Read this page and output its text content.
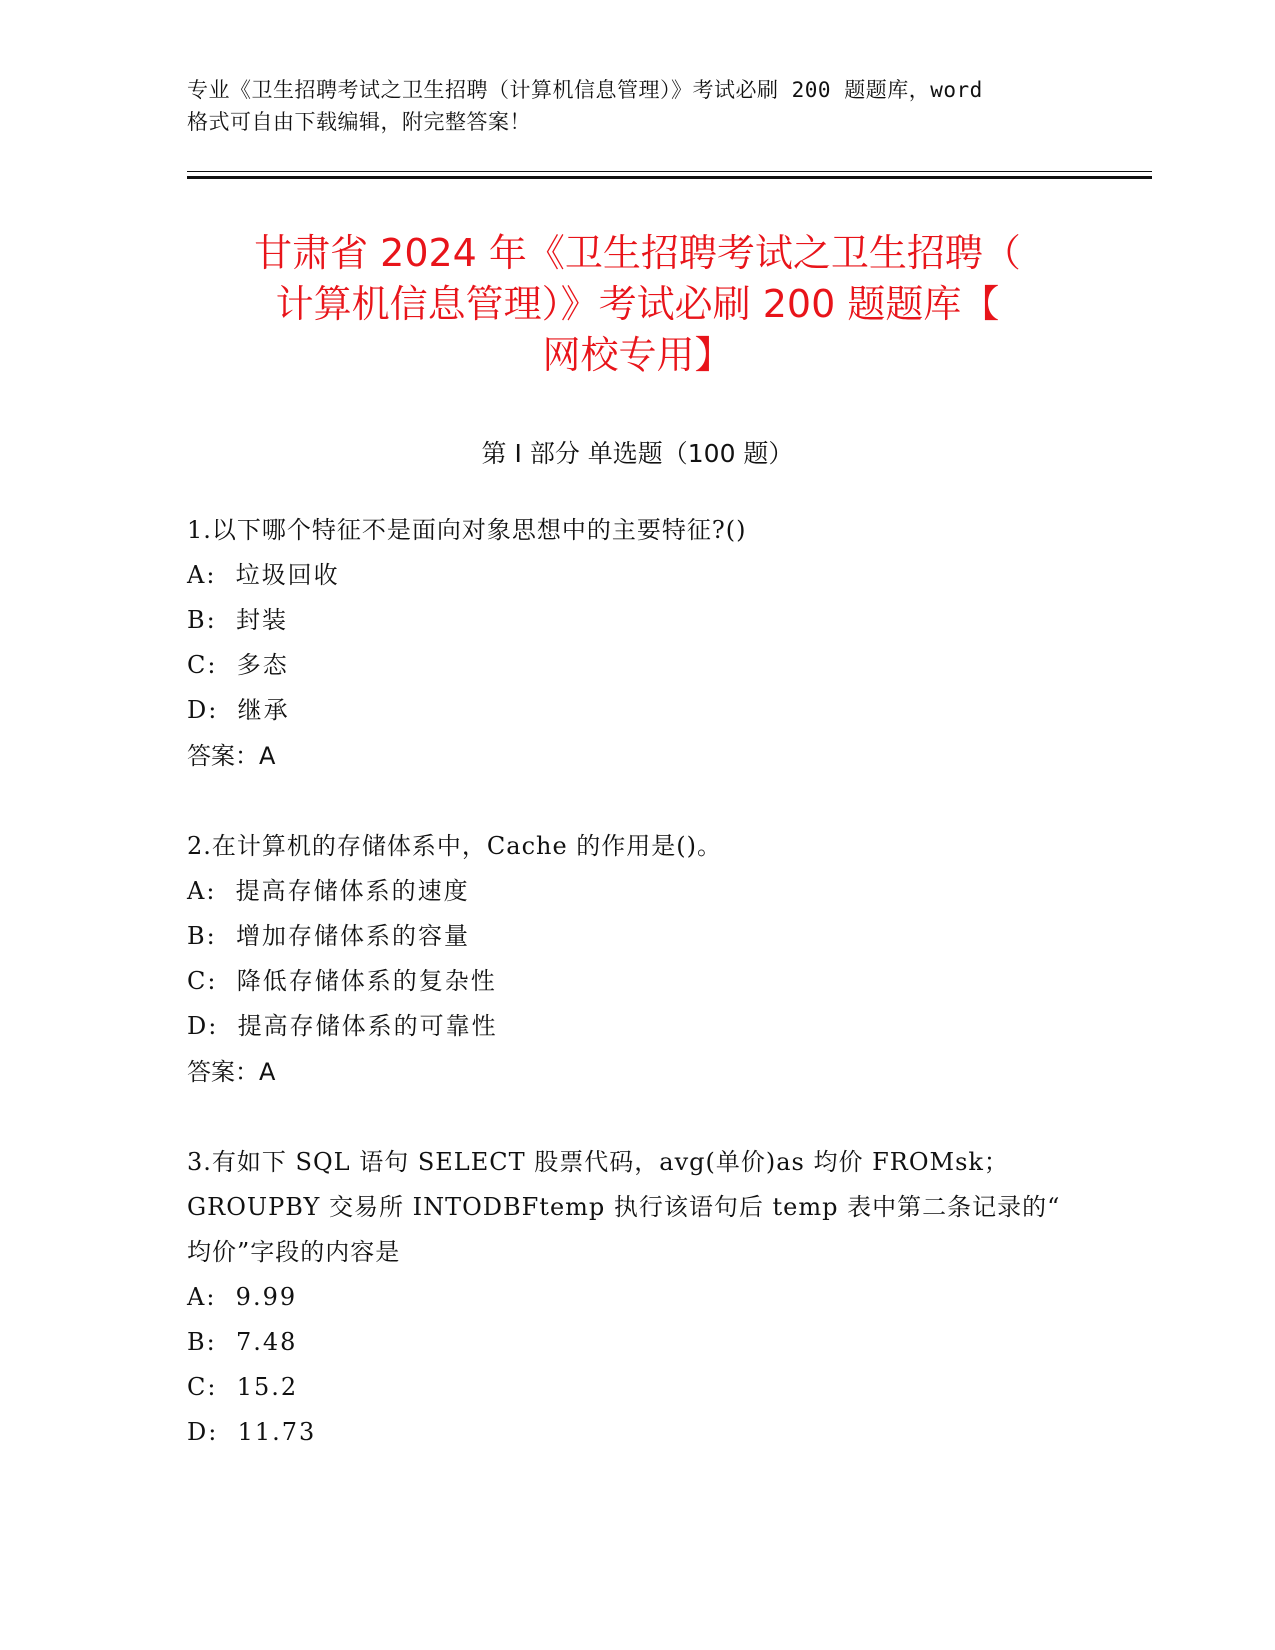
专业《卫生招聘考试之卫生招聘（计算机信息管理）》考试必刷 200 题题库，word
格式可自由下载编辑，附完整答案！
甘肃省 2024 年《卫生招聘考试之卫生招聘（
计算机信息管理）》考试必刷 200 题题库【
网校专用】
第 I 部分 单选题（100 题）
1.以下哪个特征不是面向对象思想中的主要特征?()
A:  垃圾回收
B:  封装
C:  多态
D:  继承
答案：A
2.在计算机的存储体系中，Cache 的作用是()。
A:  提高存储体系的速度
B:  增加存储体系的容量
C:  降低存储体系的复杂性
D:  提高存储体系的可靠性
答案：A
3.有如下 SQL 语句 SELECT 股票代码，avg(单价)as 均价 FROMsk；
GROUPBY 交易所 INTODBFtemp 执行该语句后 temp 表中第二条记录的“
均价”字段的内容是
A:  9.99
B:  7.48
C:  15.2
D:  11.73
